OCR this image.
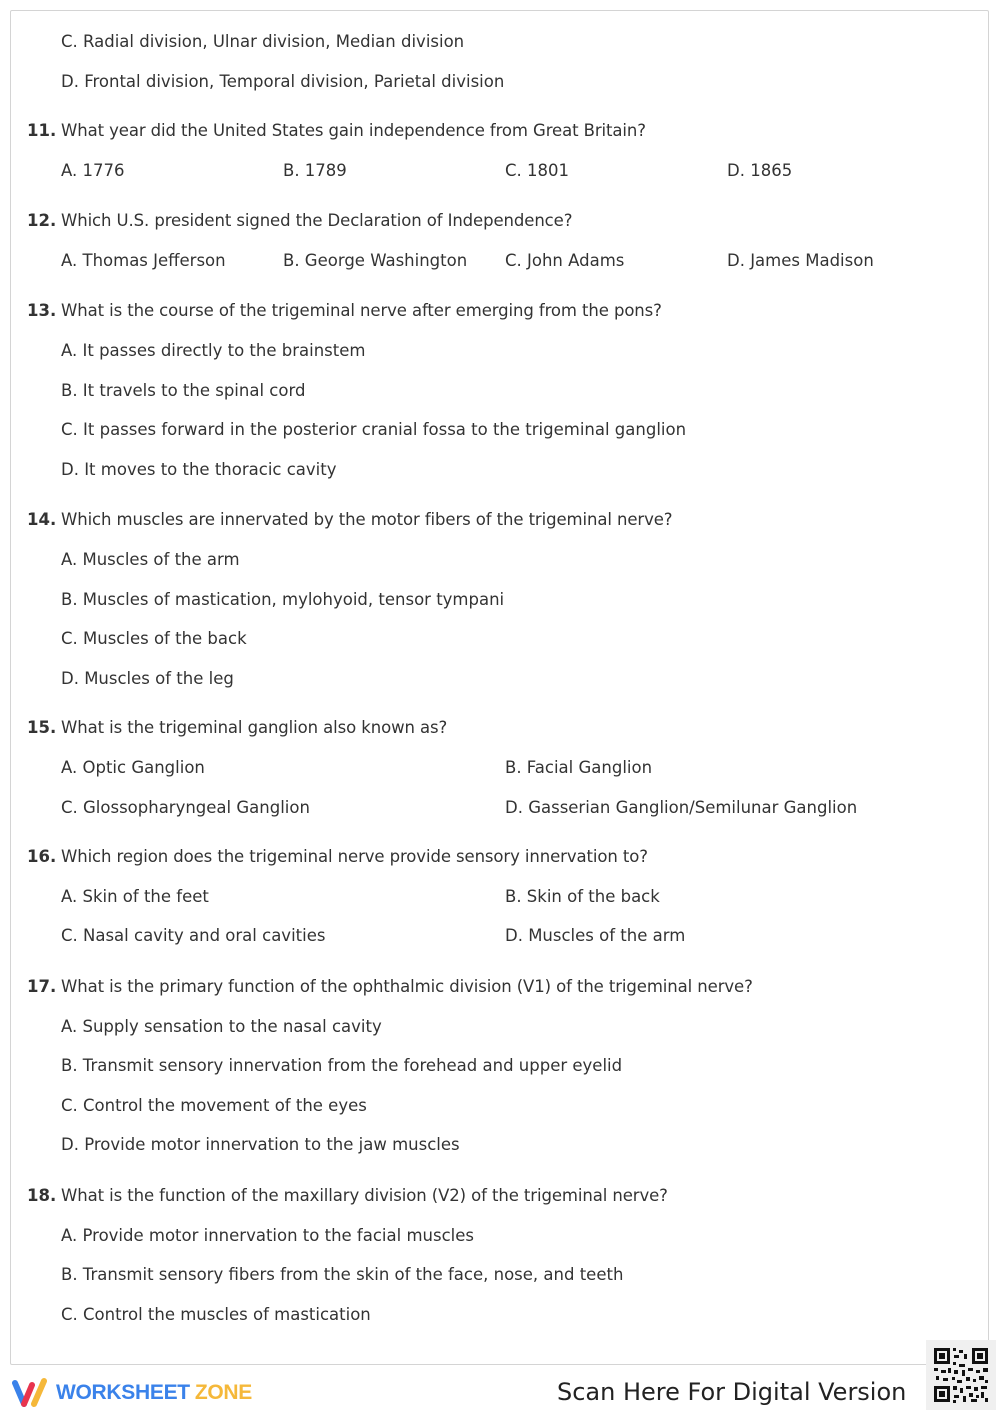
C. Radial division, Ulnar division, Median division
D. Frontal division, Temporal division, Parietal division
11. What year did the United States gain independence from Great Britain?
A. 1776	B. 1789	C. 1801	D. 1865
12. Which U.S. president signed the Declaration of Independence?
A. Thomas Jefferson	B. George Washington C. John Adams	D. James Madison
13. What is the course of the trigeminal nerve after emerging from the pons?
A. It passes directly to the brainstem
B. It travels to the spinal cord
C. It passes forward in the posterior cranial fossa to the trigeminal ganglion
D. It moves to the thoracic cavity
14. Which muscles are innervated by the motor fibers of the trigeminal nerve?
A. Muscles of the arm
B. Muscles of mastication, mylohyoid, tensor tympani
C. Muscles of the back
D. Muscles of the leg
15. What is the trigeminal ganglion also known as?
A. Optic Ganglion	B. Facial Ganglion
C. Glossopharyngeal Ganglion	D. Gasserian Ganglion/Semilunar Ganglion
16. Which region does the trigeminal nerve provide sensory innervation to?
A. Skin of the feet	B. Skin of the back
C. Nasal cavity and oral cavities	D. Muscles of the arm
17. What is the primary function of the ophthalmic division (V1) of the trigeminal nerve?
A. Supply sensation to the nasal cavity
B. Transmit sensory innervation from the forehead and upper eyelid
C. Control the movement of the eyes
D. Provide motor innervation to the jaw muscles
18. What is the function of the maxillary division (V2) of the trigeminal nerve?
A. Provide motor innervation to the facial muscles
B. Transmit sensory fibers from the skin of the face, nose, and teeth
C. Control the muscles of mastication
WORKSHEET ZONE	Scan Here For Digital Version
